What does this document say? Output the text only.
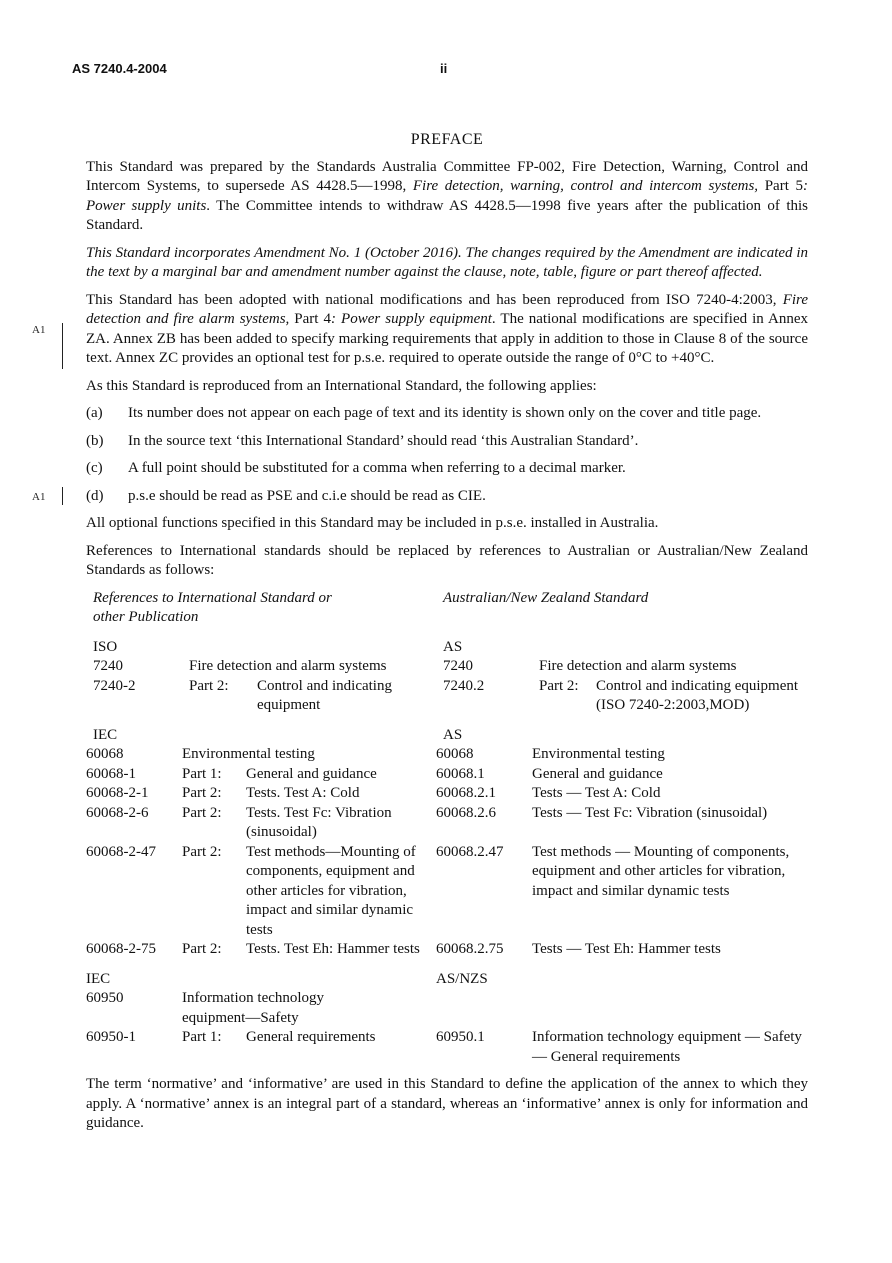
AS 7240.4-2004	ii
PREFACE

This Standard was prepared by the Standards Australia Committee FP-002, Fire Detection, Warning, Control and Intercom Systems, to supersede AS 4428.5—1998, Fire detection, warning, control and intercom systems, Part 5: Power supply units. The Committee intends to withdraw AS 4428.5—1998 five years after the publication of this Standard.

This Standard incorporates Amendment No. 1 (October 2016). The changes required by the Amendment are indicated in the text by a marginal bar and amendment number against the clause, note, table, figure or part thereof affected.

A1

This Standard has been adopted with national modifications and has been reproduced from ISO 7240-4:2003, Fire detection and fire alarm systems, Part 4: Power supply equipment. The national modifications are specified in Annex ZA. Annex ZB has been added to specify marking requirements that apply in addition to those in Clause 8 of the source text. Annex ZC provides an optional test for p.s.e. required to operate outside the range of 0°C to +40°C.

As this Standard is reproduced from an International Standard, the following applies:

(a)	Its number does not appear on each page of text and its identity is shown only on the cover and title page.
(b)	In the source text ‘this International Standard’ should read ‘this Australian Standard’.
(c)	A full point should be substituted for a comma when referring to a decimal marker.
A1	(d)	p.s.e should be read as PSE and c.i.e should be read as CIE.

All optional functions specified in this Standard may be included in p.s.e. installed in Australia.

References to International standards should be replaced by references to Australian or Australian/New Zealand Standards as follows:

References to International Standard or other Publication			Australian/New Zealand Standard		

ISO			AS		
7240	Fire detection and alarm systems		7240	Fire detection and alarm systems	
7240-2	Part 2:	Control and indicating equipment	7240.2	Part 2:	Control and indicating equipment (ISO 7240-2:2003,MOD)

IEC			AS		
60068	Environmental testing		60068	Environmental testing	
60068-1	Part 1:	General and guidance	60068.1	General and guidance	
60068-2-1	Part 2:	Tests. Test A: Cold	60068.2.1	Tests — Test A: Cold	
60068-2-6	Part 2:	Tests. Test Fc: Vibration (sinusoidal)	60068.2.6	Tests — Test Fc: Vibration (sinusoidal)	
60068-2-47	Part 2:	Test methods—Mounting of components, equipment and other articles for vibration, impact and similar dynamic tests	60068.2.47	Test methods — Mounting of components, equipment and other articles for vibration, impact and similar dynamic tests	
60068-2-75	Part 2:	Tests. Test Eh: Hammer tests	60068.2.75	Tests — Test Eh: Hammer tests	

IEC			AS/NZS		
60950	Information technology equipment—Safety				
60950-1	Part 1:	General requirements	60950.1	Information technology equipment — Safety — General requirements	

The term ‘normative’ and ‘informative’ are used in this Standard to define the application of the annex to which they apply. A ‘normative’ annex is an integral part of a standard, whereas an ‘informative’ annex is only for information and guidance.
